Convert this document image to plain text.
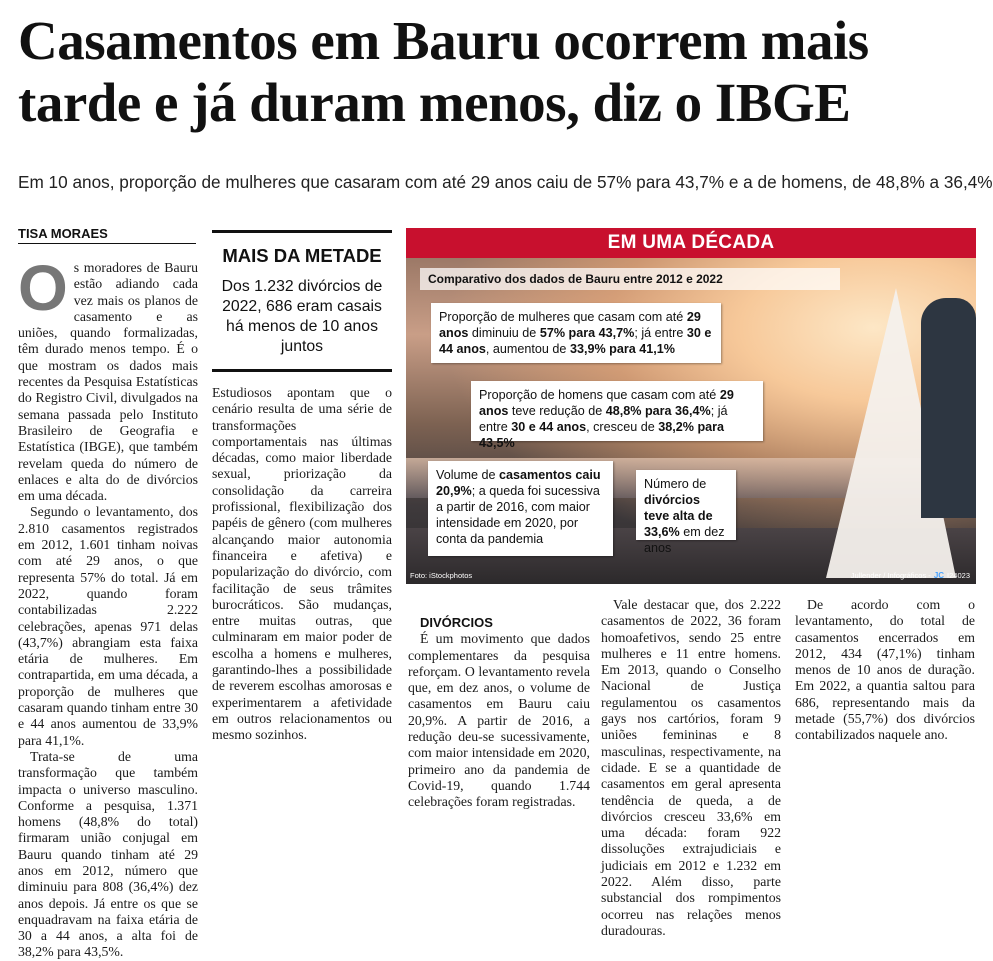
Casamentos em Bauru ocorrem mais tarde e já duram menos, diz o IBGE
Em 10 anos, proporção de mulheres que casaram com até 29 anos caiu de 57% para 43,7% e a de homens, de 48,8% a 36,4%
TISA MORAES
MAIS DA METADE
Dos 1.232 divórcios de 2022, 686 eram casais há menos de 10 anos juntos

Os moradores de Bauru estão adiando cada vez mais os planos de casamento e as uniões, quando formalizadas, têm durado menos tempo. É o que mostram os dados mais recentes da Pesquisa Estatísticas do Registro Civil, divulgados na semana passada pelo Instituto Brasileiro de Geografia e Estatística (IBGE), que também revelam queda do número de enlaces e alta do de divórcios em uma década.

Segundo o levantamento, dos 2.810 casamentos registrados em 2012, 1.601 tinham noivas com até 29 anos, o que representa 57% do total. Já em 2022, quando foram contabilizadas 2.222 celebrações, apenas 971 delas (43,7%) abrangiam esta faixa etária de mulheres. Em contrapartida, em uma década, a proporção de mulheres que casaram quando tinham entre 30 e 44 anos aumentou de 33,9% para 41,1%.

Trata-se de uma transformação que também impacta o universo masculino. Conforme a pesquisa, 1.371 homens (48,8% do total) firmaram união conjugal em Bauru quando tinham até 29 anos em 2012, número que diminuiu para 808 (36,4%) dez anos depois. Já entre os que se enquadravam na faixa etária de 30 a 44 anos, a alta foi de 38,2% para 43,5%.

Estudiosos apontam que o cenário resulta de uma série de transformações comportamentais nas últimas décadas, como maior liberdade sexual, priorização da consolidação da carreira profissional, flexibilização dos papéis de gênero (com mulheres alcançando maior autonomia financeira e afetiva) e popularização do divórcio, com facilitação de seus trâmites burocráticos. São mudanças, entre muitas outras, que culminaram em maior poder de escolha a homens e mulheres, garantindo-lhes a possibilidade de reverem escolhas amorosas e experimentarem a afetividade em outros relacionamentos ou mesmo sozinhos.

DIVÓRCIOS

É um movimento que dados complementares da pesquisa reforçam. O levantamento revela que, em dez anos, o volume de casamentos em Bauru caiu 20,9%. A partir de 2016, a redução deu-se sucessivamente, com maior intensidade em 2020, primeiro ano da pandemia de Covid-19, quando 1.744 celebrações foram registradas.

Vale destacar que, dos 2.222 casamentos de 2022, 36 foram homoafetivos, sendo 25 entre mulheres e 11 entre homens. Em 2013, quando o Conselho Nacional de Justiça regulamentou os casamentos gays nos cartórios, foram 9 uniões femininas e 8 masculinas, respectivamente, na cidade. E se a quantidade de casamentos em geral apresenta tendência de queda, a de divórcios cresceu 33,6% em uma década: foram 922 dissoluções extrajudiciais e judiciais em 2012 e 1.232 em 2022. Além disso, parte substancial dos rompimentos ocorreu nas relações menos duradouras.

De acordo com o levantamento, do total de casamentos encerrados em 2012, 434 (47,1%) tinham menos de 10 anos de duração. Em 2022, a quantia saltou para 686, representando mais da metade (55,7%) dos divórcios contabilizados naquele ano.

EM UMA DÉCADA
Comparativo dos dados de Bauru entre 2012 e 2022
Proporção de mulheres que casam com até 29 anos diminuiu de 57% para 43,7%; já entre 30 e 44 anos, aumentou de 33,9% para 41,1%
Proporção de homens que casam com até 29 anos teve redução de 48,8% para 36,4%; já entre 30 e 44 anos, cresceu de 38,2% para 43,5%
Volume de casamentos caiu 20,9%; a queda foi sucessiva a partir de 2016, com maior intensidade em 2020, por conta da pandemia
Número de divórcios teve alta de 33,6% em dez anos
Foto: iStockphotos	Jullender / Infográficos - JC I24023
